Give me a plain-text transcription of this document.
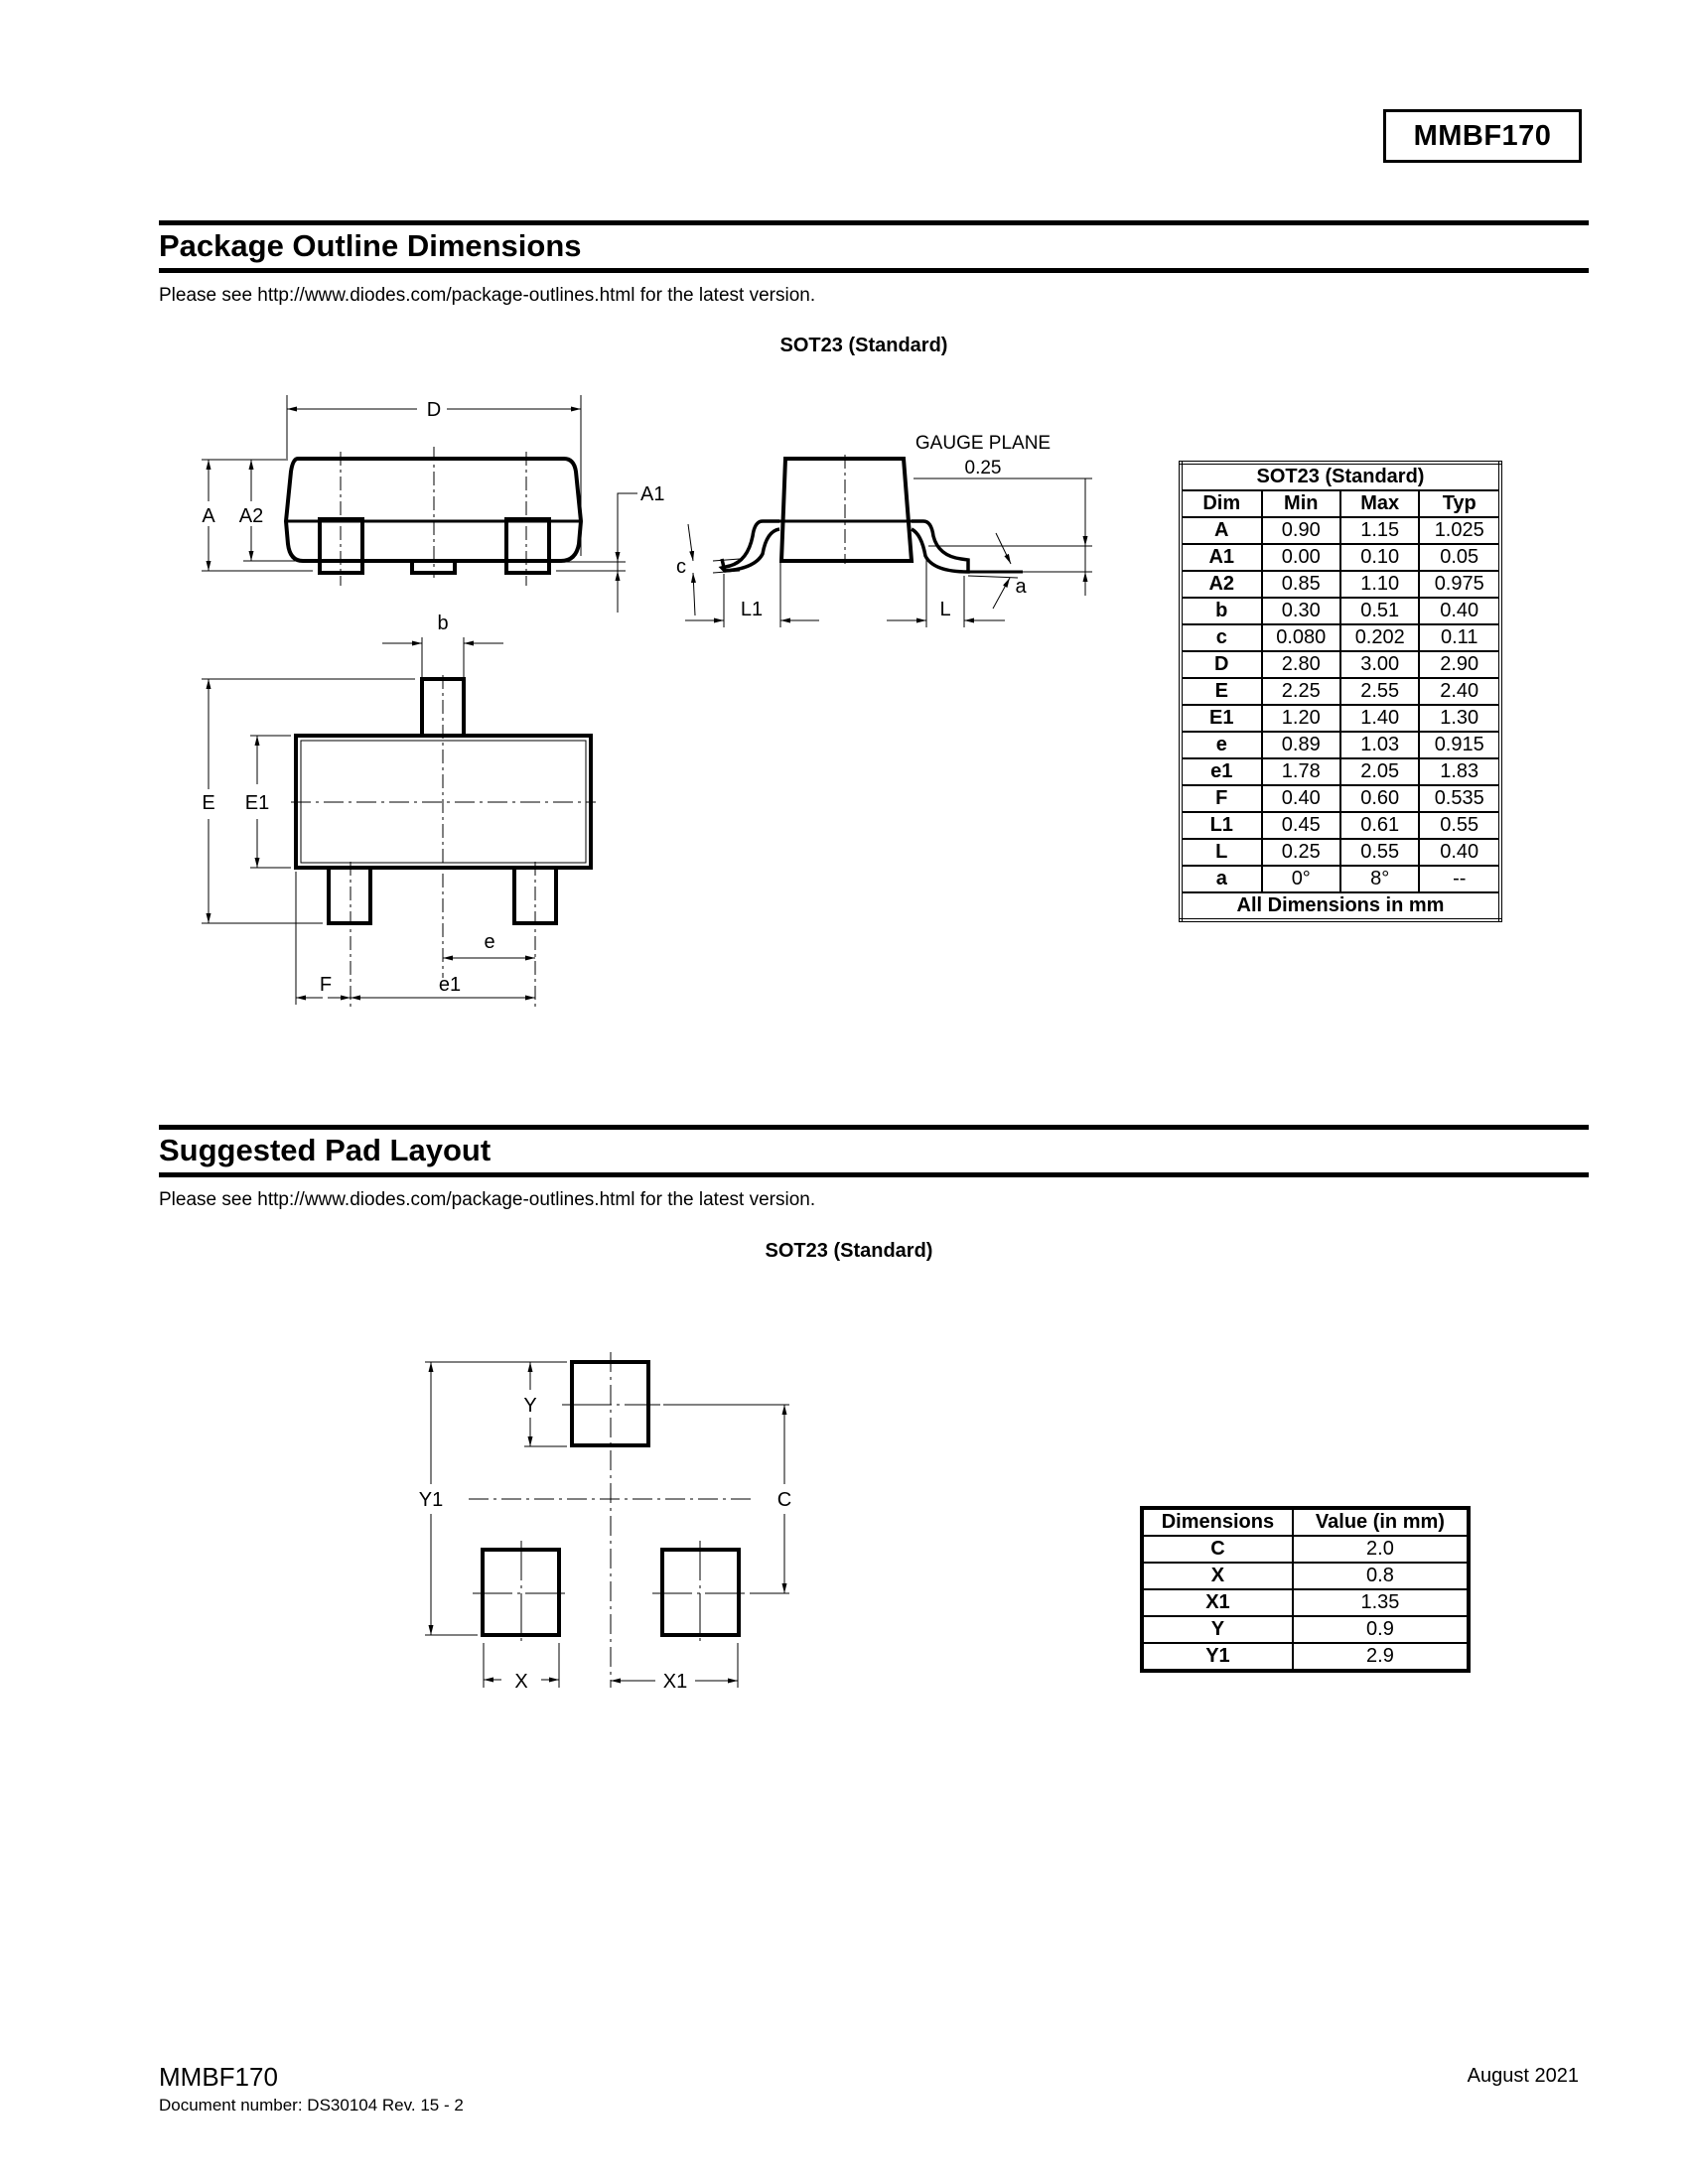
MMBF170
Package Outline Dimensions
Please see http://www.diodes.com/package-outlines.html for the latest version.
SOT23 (Standard)
Suggested Pad Layout
Please see http://www.diodes.com/package-outlines.html for the latest version.
SOT23 (Standard)
D
A A2
A1
GAUGE PLANE
0.25
c
L1	L
a
b
E E1
e
F	e1
Y
Y1	C
X	X1
SOT23 (Standard)			
Dim	Min	Max	Typ
A	0.90	1.15	1.025
A1	0.00	0.10	0.05
A2	0.85	1.10	0.975
b	0.30	0.51	0.40
c	0.080	0.202	0.11
D	2.80	3.00	2.90
E	2.25	2.55	2.40
E1	1.20	1.40	1.30
e	0.89	1.03	0.915
e1	1.78	2.05	1.83
F	0.40	0.60	0.535
L1	0.45	0.61	0.55
L	0.25	0.55	0.40
a	0°	8°	--
All Dimensions in mm			
Dimensions	Value (in mm)
C	2.0
X	0.8
X1	1.35
Y	0.9
Y1	2.9
MMBF170
Document number: DS30104 Rev. 15 - 2
August 2021
